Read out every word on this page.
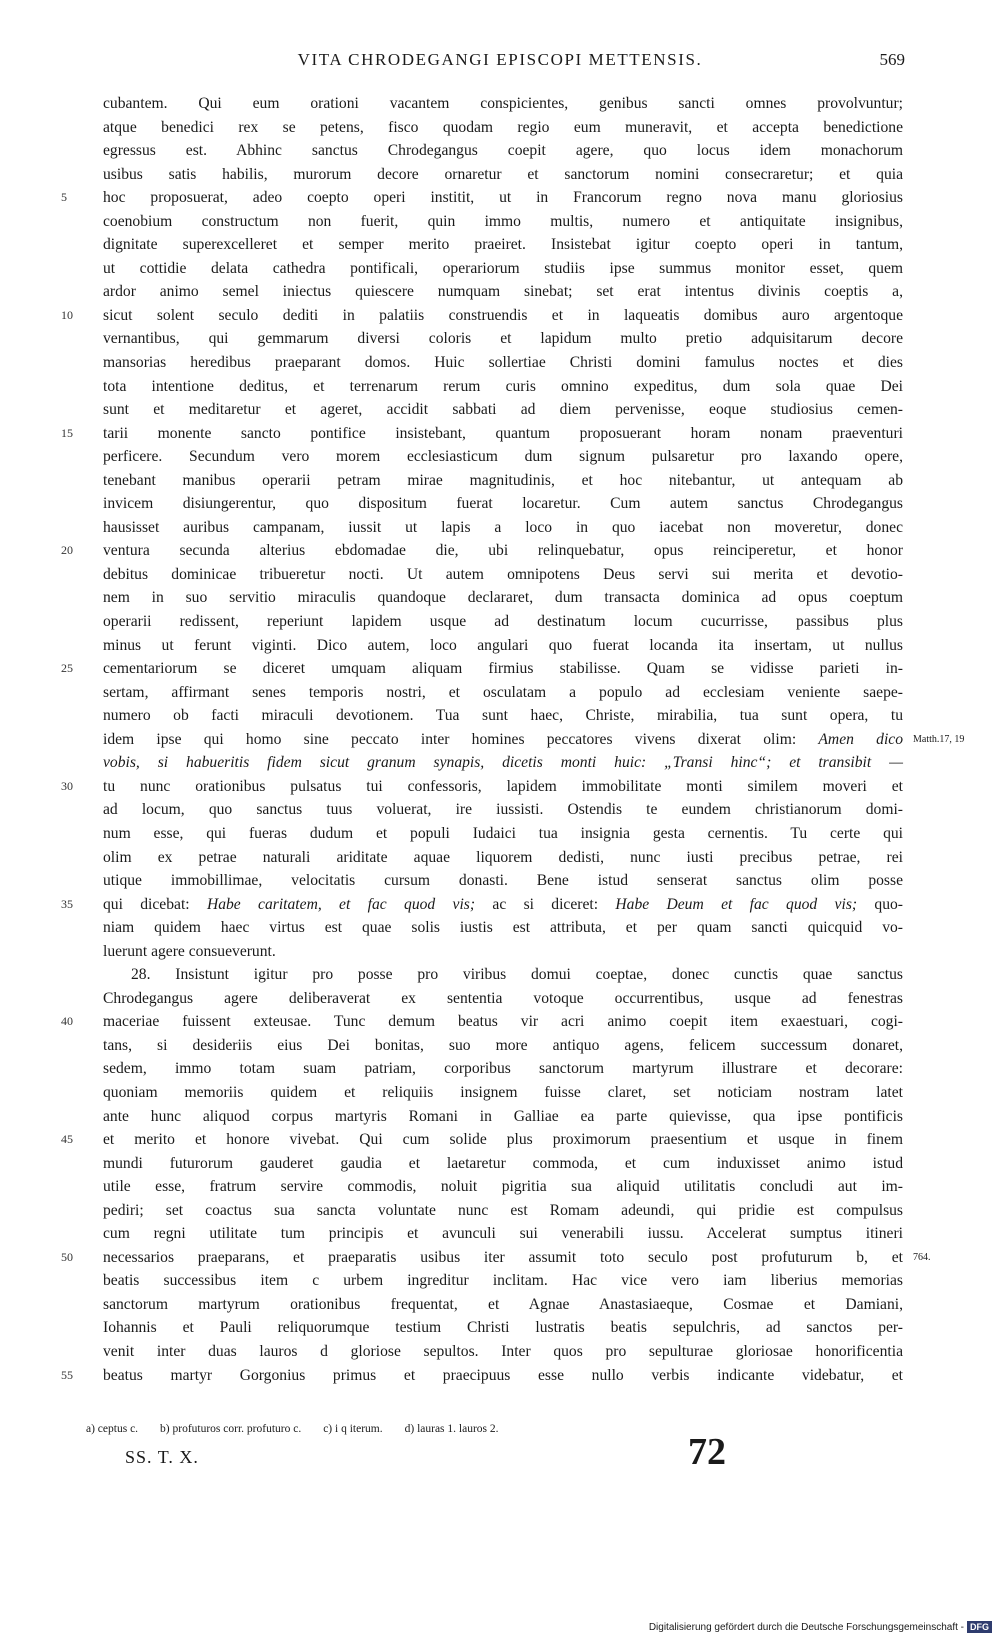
VITA CHRODEGANGI EPISCOPI METTENSIS.	569
cubantem. Qui eum orationi vacantem conspicientes, genibus sancti omnes provolvuntur;
atque benedici rex se petens, fisco quodam regio eum muneravit, et accepta benedictione
egressus est. Abhinc sanctus Chrodegangus coepit agere, quo locus idem monachorum
usibus satis habilis, murorum decore ornaretur et sanctorum nomini consecraretur; et quia
5	hoc proposuerat, adeo coepto operi institit, ut in Francorum regno nova manu gloriosius
coenobium constructum non fuerit, quin immo multis, numero et antiquitate insignibus,
dignitate superexcelleret et semper merito praeiret. Insistebat igitur coepto operi in tantum,
ut cottidie delata cathedra pontificali, operariorum studiis ipse summus monitor esset, quem
ardor animo semel iniectus quiescere numquam sinebat; set erat intentus divinis coeptis a,
10	sicut solent seculo dediti in palatiis construendis et in laqueatis domibus auro argentoque
vernantibus, qui gemmarum diversi coloris et lapidum multo pretio adquisitarum decore
mansorias heredibus praeparant domos. Huic sollertiae Christi domini famulus noctes et dies
tota intentione deditus, et terrenarum rerum curis omnino expeditus, dum sola quae Dei
sunt et meditaretur et ageret, accidit sabbati ad diem pervenisse, eoque studiosius cemen-
15	tarii monente sancto pontifice insistebant, quantum proposuerant horam nonam praeventuri
perficere. Secundum vero morem ecclesiasticum dum signum pulsaretur pro laxando opere,
tenebant manibus operarii petram mirae magnitudinis, et hoc nitebantur, ut antequam ab
invicem disiungerentur, quo dispositum fuerat locaretur. Cum autem sanctus Chrodegangus
hausisset auribus campanam, iussit ut lapis a loco in quo iacebat non moveretur, donec
20	ventura secunda alterius ebdomadae die, ubi relinquebatur, opus reinciperetur, et honor
debitus dominicae tribueretur nocti. Ut autem omnipotens Deus servi sui merita et devotio-
nem in suo servitio miraculis quandoque declararet, dum transacta dominica ad opus coeptum
operarii redissent, reperiunt lapidem usque ad destinatum locum cucurrisse, passibus plus
minus ut ferunt viginti. Dico autem, loco angulari quo fuerat locanda ita insertam, ut nullus
25	cementariorum se diceret umquam aliquam firmius stabilisse. Quam se vidisse parieti in-
sertam, affirmant senes temporis nostri, et osculatam a populo ad ecclesiam veniente saepe-
numero ob facti miraculi devotionem. Tua sunt haec, Christe, mirabilia, tua sunt opera, tu
idem ipse qui homo sine peccato inter homines peccatores vivens dixerat olim: Amen dico Matth.17, 19
vobis, si habueritis fidem sicut granum synapis, dicetis monti huic: „Transi hinc“; et transibit —
30	tu nunc orationibus pulsatus tui confessoris, lapidem immobilitate monti similem moveri et
ad locum, quo sanctus tuus voluerat, ire iussisti. Ostendis te eundem christianorum domi-
num esse, qui fueras dudum et populi Iudaici tua insignia gesta cernentis. Tu certe qui
olim ex petrae naturali ariditate aquae liquorem dedisti, nunc iusti precibus petrae, rei
utique immobillimae, velocitatis cursum donasti. Bene istud senserat sanctus olim posse
35	qui dicebat: Habe caritatem, et fac quod vis; ac si diceret: Habe Deum et fac quod vis; quo-
niam quidem haec virtus est quae solis iustis est attributa, et per quam sancti quicquid vo-
luerunt agere consueverunt.
28. Insistunt igitur pro posse pro viribus domui coeptae, donec cunctis quae sanctus
Chrodegangus agere deliberaverat ex sententia votoque occurrentibus, usque ad fenestras
40	maceriae fuissent exteusae. Tunc demum beatus vir acri animo coepit item exaestuari, cogi-
tans, si desideriis eius Dei bonitas, suo more antiquo agens, felicem successum donaret,
sedem, immo totam suam patriam, corporibus sanctorum martyrum illustrare et decorare:
quoniam memoriis quidem et reliquiis insignem fuisse claret, set noticiam nostram latet
ante hunc aliquod corpus martyris Romani in Galliae ea parte quievisse, qua ipse pontificis
45	et merito et honore vivebat. Qui cum solide plus proximorum praesentium et usque in finem
mundi futurorum gauderet gaudia et laetaretur commoda, et cum induxisset animo istud
utile esse, fratrum servire commodis, noluit pigritia sua aliquid utilitatis concludi aut im-
pediri; set coactus sua sancta voluntate nunc est Romam adeundi, qui pridie est compulsus
cum regni utilitate tum principis et avunculi sui venerabili iussu. Accelerat sumptus itineri
50	necessarios praeparans, et praeparatis usibus iter assumit toto seculo post profuturum b, et 764.
beatis successibus item c urbem ingreditur inclitam. Hac vice vero iam liberius memorias
sanctorum martyrum orationibus frequentat, et Agnae Anastasiaeque, Cosmae et Damiani,
Iohannis et Pauli reliquorumque testium Christi lustratis beatis sepulchris, ad sanctos per-
venit inter duas lauros d gloriose sepultos. Inter quos pro sepulturae gloriosae honorificentia
55	beatus martyr Gorgonius primus et praecipuus esse nullo verbis indicante videbatur, et
a) ceptus c. b) profuturos corr. profuturo c. c) i q iterum. d) lauras 1. lauros 2.
SS. T. X.	72
Digitalisierung gefördert durch die Deutsche Forschungsgemeinschaft - DFG
